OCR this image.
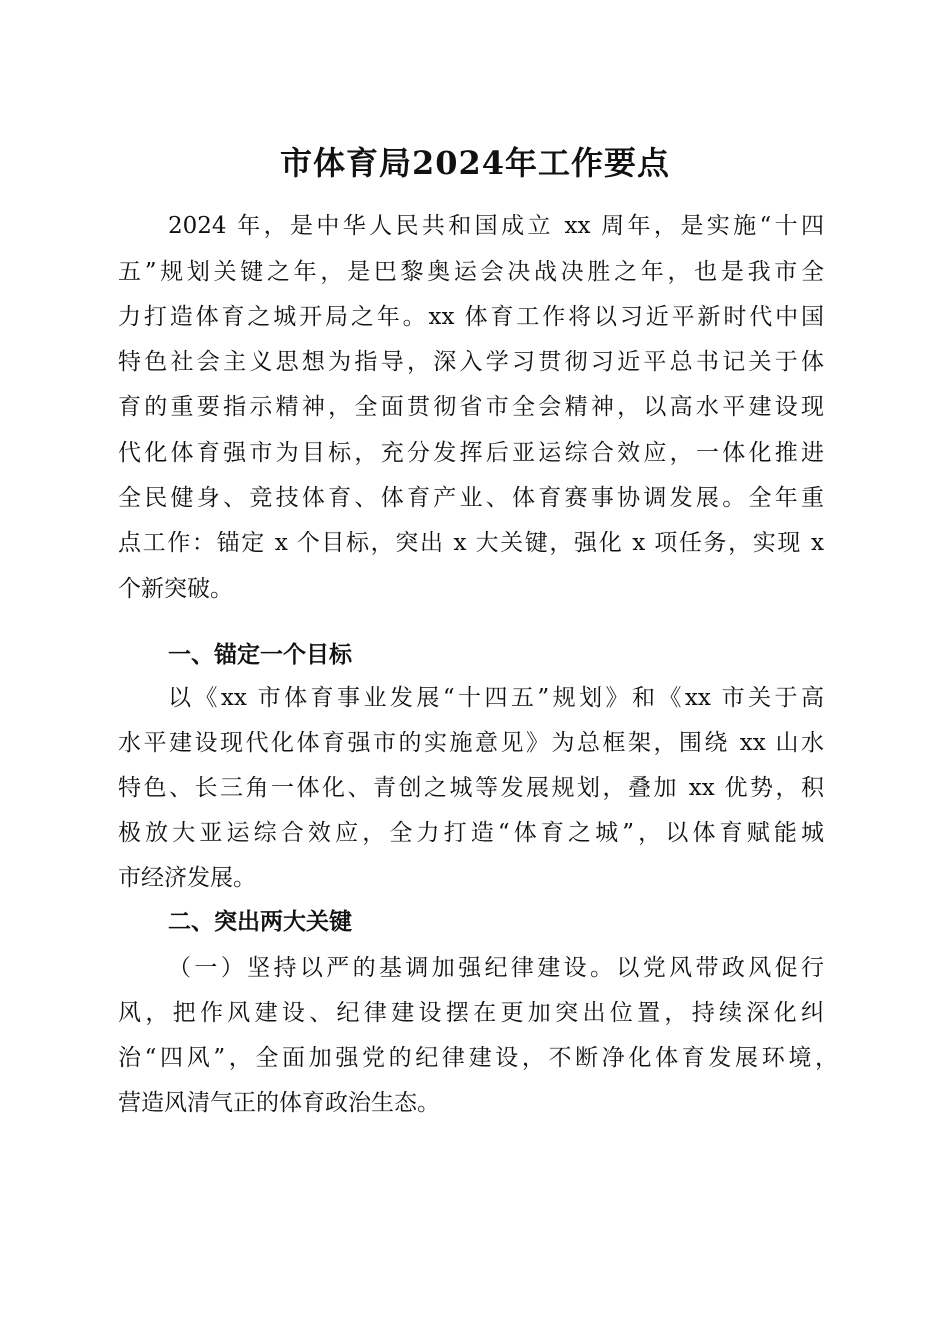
市体育局2024年工作要点
2024 年，是中华人民共和国成立 xx 周年，是实施“十四
五”规划关键之年，是巴黎奥运会决战决胜之年，也是我市全
力打造体育之城开局之年。xx 体育工作将以习近平新时代中国
特色社会主义思想为指导，深入学习贯彻习近平总书记关于体
育的重要指示精神，全面贯彻省市全会精神，以高水平建设现
代化体育强市为目标，充分发挥后亚运综合效应，一体化推进
全民健身、竞技体育、体育产业、体育赛事协调发展。全年重
点工作：锚定 x 个目标，突出 x 大关键，强化 x 项任务，实现 x
个新突破。
一、锚定一个目标
以《xx 市体育事业发展“十四五”规划》和《xx 市关于高
水平建设现代化体育强市的实施意见》为总框架，围绕 xx 山水
特色、长三角一体化、青创之城等发展规划，叠加 xx 优势，积
极放大亚运综合效应，全力打造“体育之城”，以体育赋能城
市经济发展。
二、突出两大关键
（一）坚持以严的基调加强纪律建设。以党风带政风促行
风，把作风建设、纪律建设摆在更加突出位置，持续深化纠
治“四风”，全面加强党的纪律建设，不断净化体育发展环境，
营造风清气正的体育政治生态。
